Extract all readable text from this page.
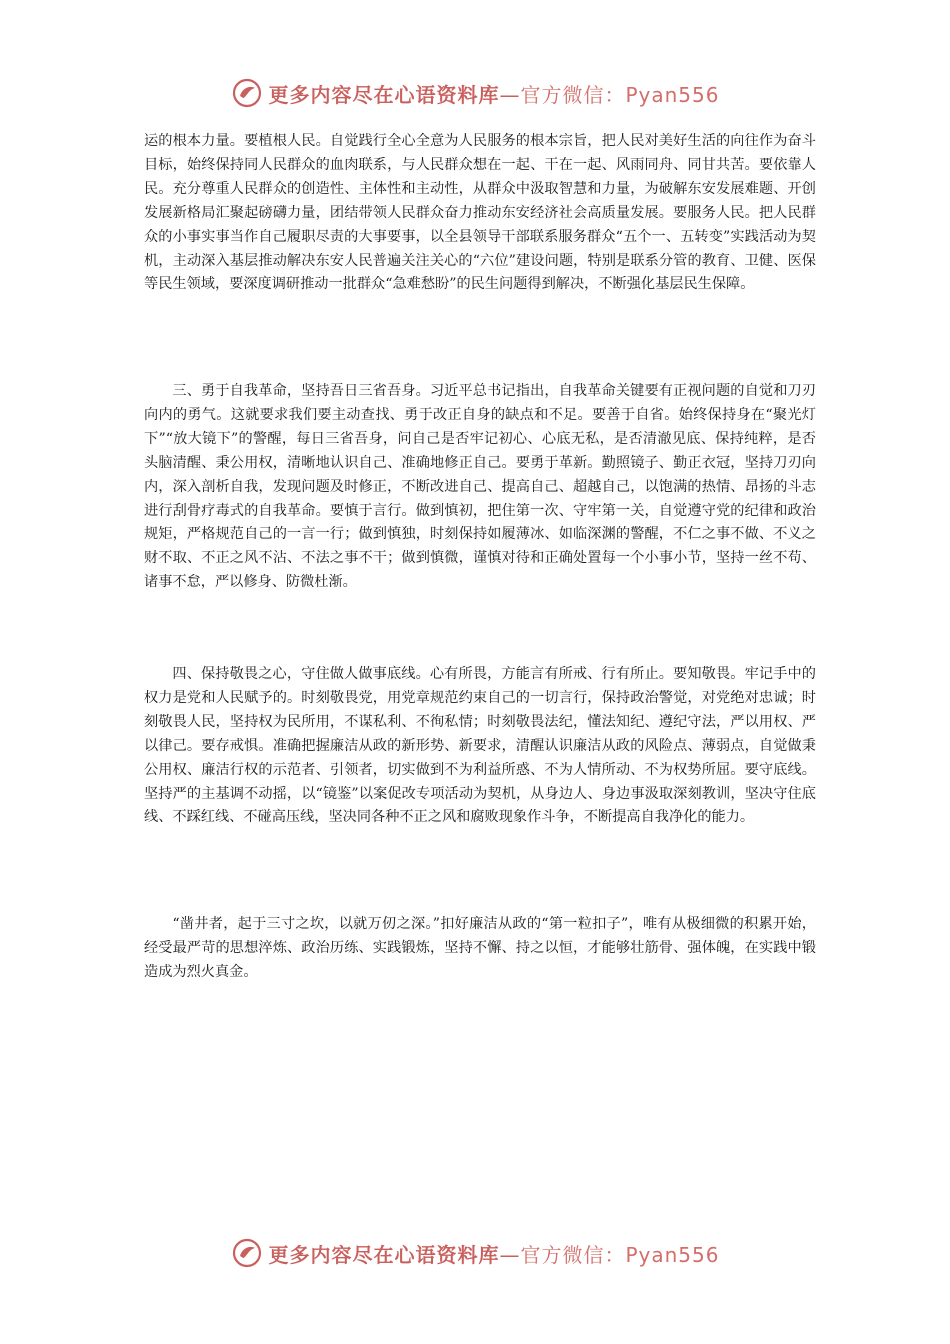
更多内容尽在心语资料库—官方微信：Pyan556

运的根本力量。要植根人民。自觉践行全心全意为人民服务的根本宗旨，把人民对美好生活的向往作为奋斗目标，始终保持同人民群众的血肉联系，与人民群众想在一起、干在一起、风雨同舟、同甘共苦。要依靠人民。充分尊重人民群众的创造性、主体性和主动性，从群众中汲取智慧和力量，为破解东安发展难题、开创发展新格局汇聚起磅礴力量，团结带领人民群众奋力推动东安经济社会高质量发展。要服务人民。把人民群众的小事实事当作自己履职尽责的大事要事，以全县领导干部联系服务群众“五个一、五转变”实践活动为契机，主动深入基层推动解决东安人民普遍关注关心的“六位”建设问题，特别是联系分管的教育、卫健、医保等民生领域，要深度调研推动一批群众“急难愁盼”的民生问题得到解决，不断强化基层民生保障。

三、勇于自我革命，坚持吾日三省吾身。习近平总书记指出，自我革命关键要有正视问题的自觉和刀刃向内的勇气。这就要求我们要主动查找、勇于改正自身的缺点和不足。要善于自省。始终保持身在“聚光灯下”“放大镜下”的警醒，每日三省吾身，问自己是否牢记初心、心底无私，是否清澈见底、保持纯粹，是否头脑清醒、秉公用权，清晰地认识自己、准确地修正自己。要勇于革新。勤照镜子、勤正衣冠，坚持刀刃向内，深入剖析自我，发现问题及时修正，不断改进自己、提高自己、超越自己，以饱满的热情、昂扬的斗志进行刮骨疗毒式的自我革命。要慎于言行。做到慎初，把住第一次、守牢第一关，自觉遵守党的纪律和政治规矩，严格规范自己的一言一行；做到慎独，时刻保持如履薄冰、如临深渊的警醒，不仁之事不做、不义之财不取、不正之风不沾、不法之事不干；做到慎微，谨慎对待和正确处置每一个小事小节，坚持一丝不苟、诸事不怠，严以修身、防微杜渐。

四、保持敬畏之心，守住做人做事底线。心有所畏，方能言有所戒、行有所止。要知敬畏。牢记手中的权力是党和人民赋予的。时刻敬畏党，用党章规范约束自己的一切言行，保持政治警觉，对党绝对忠诚；时刻敬畏人民，坚持权为民所用，不谋私利、不徇私情；时刻敬畏法纪，懂法知纪、遵纪守法，严以用权、严以律己。要存戒惧。准确把握廉洁从政的新形势、新要求，清醒认识廉洁从政的风险点、薄弱点，自觉做秉公用权、廉洁行权的示范者、引领者，切实做到不为利益所惑、不为人情所动、不为权势所屈。要守底线。坚持严的主基调不动摇，以“镜鉴”以案促改专项活动为契机，从身边人、身边事汲取深刻教训，坚决守住底线、不踩红线、不碰高压线，坚决同各种不正之风和腐败现象作斗争，不断提高自我净化的能力。

“凿井者，起于三寸之坎，以就万仞之深。”扣好廉洁从政的“第一粒扣子”，唯有从极细微的积累开始，经受最严苛的思想淬炼、政治历练、实践锻炼，坚持不懈、持之以恒，才能够壮筋骨、强体魄，在实践中锻造成为烈火真金。

更多内容尽在心语资料库—官方微信：Pyan556
